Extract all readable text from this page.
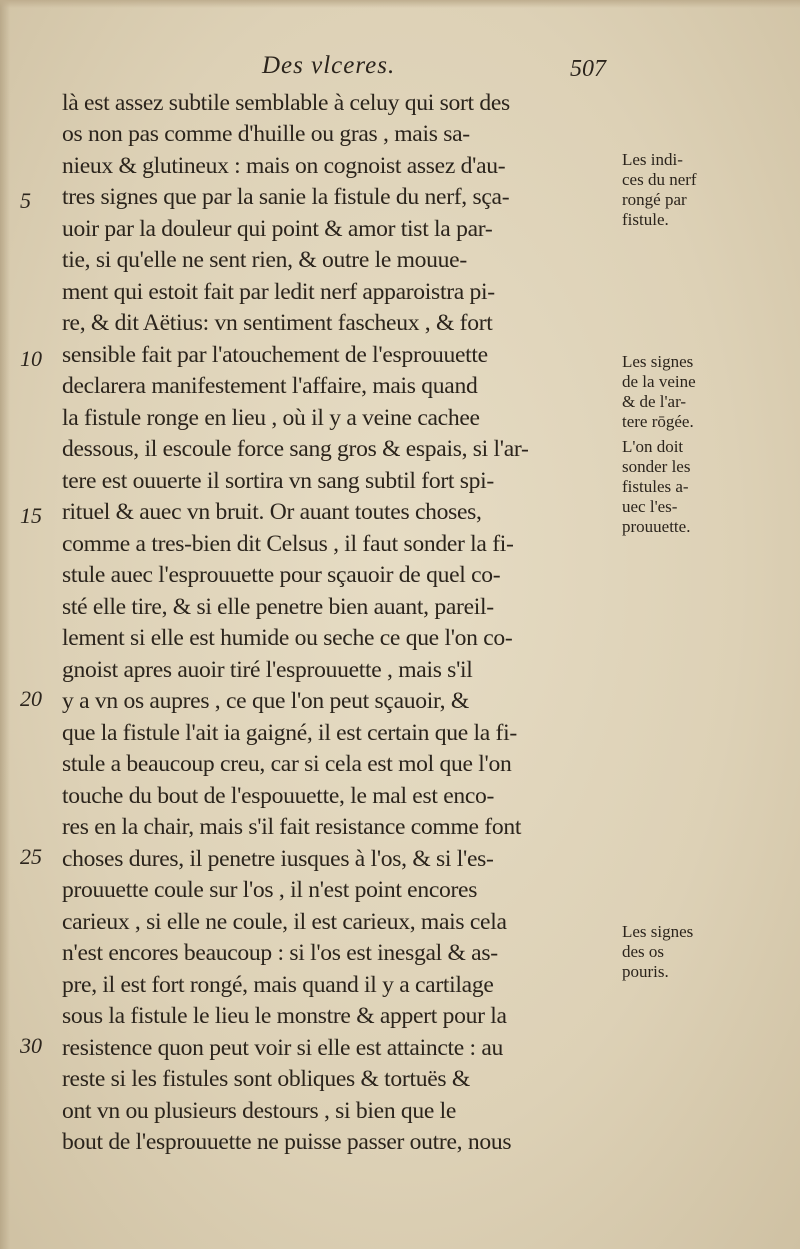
Des vlceres.	507
là est assez subtile semblable à celuy qui sort des
os non pas comme d'huille ou gras , mais sa-
nieux & glutineux : mais on cognoist assez d'au-
tres signes que par la sanie la fistule du nerf, sça-
uoir par la douleur qui point & amor tist la par-
tie, si qu'elle ne sent rien, & outre le mouue-
ment qui estoit fait par ledit nerf apparoistra pi-
re, & dit Aëtius: vn sentiment fascheux , & fort
sensible fait par l'atouchement de l'esprouuette
declarera manifestement l'affaire, mais quand
la fistule ronge en lieu , où il y a veine cachee
dessous, il escoule force sang gros & espais, si l'ar-
tere est ouuerte il sortira vn sang subtil fort spi-
rituel & auec vn bruit. Or auant toutes choses,
comme a tres-bien dit Celsus , il faut sonder la fi-
stule auec l'esprouuette pour sçauoir de quel co-
sté elle tire, & si elle penetre bien auant, pareil-
lement si elle est humide ou seche ce que l'on co-
gnoist apres auoir tiré l'esprouuette , mais s'il
y a vn os aupres , ce que l'on peut sçauoir, &
que la fistule l'ait ia gaigné, il est certain que la fi-
stule a beaucoup creu, car si cela est mol que l'on
touche du bout de l'espouuette, le mal est enco-
res en la chair, mais s'il fait resistance comme font
choses dures, il penetre iusques à l'os, & si l'es-
prouuette coule sur l'os , il n'est point encores
carieux , si elle ne coule, il est carieux, mais cela
n'est encores beaucoup : si l'os est inesgal & as-
pre, il est fort rongé, mais quand il y a cartilage
sous la fistule le lieu le monstre & appert pour la
resistence quon peut voir si elle est attaincte : au
reste si les fistules sont obliques & tortuës &
ont vn ou plusieurs destours , si bien que le
bout de l'esprouuette ne puisse passer outre, nous
5
10
15
20
25
30
Les indi-
ces du nerf
rongé par
fistule.
Les signes
de la veine
& de l'ar-
tere rōgée.
L'on doit
sonder les
fistules a-
uec l'es-
prouuette.
Les signes
des os
pouris.
